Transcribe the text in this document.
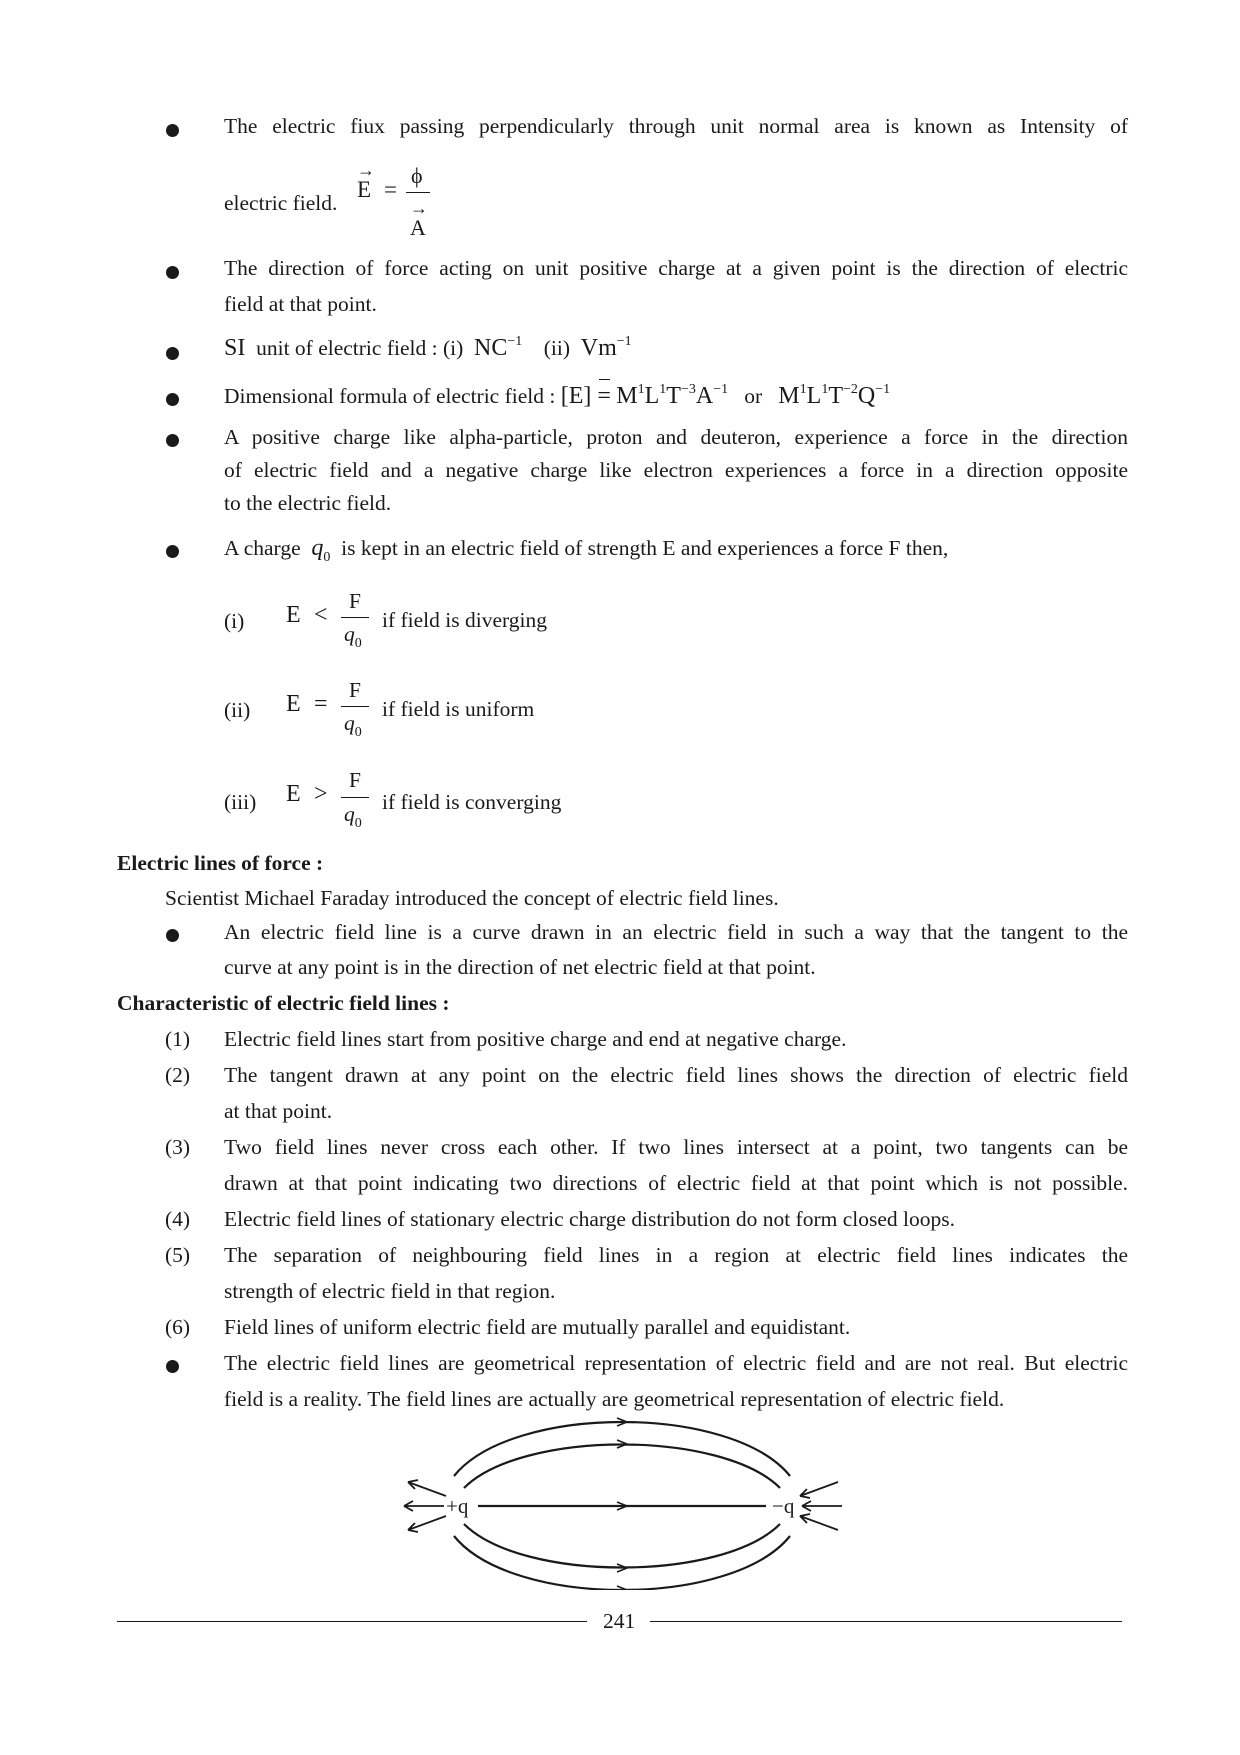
The electric fiux passing perpendicularly through unit normal area is known as Intensity of
electric field.
→
E =
ϕ
→
A
The direction of force acting on unit positive charge at a given point is the direction of electric
field at that point.
SI unit of electric field : (i) $NC^{-1}$ (ii) $Vm^{-1}$
Dimensional formula of electric field : $[E] = M^1L^1T^{-3}A^{-1}$ or $M^1L^1T^{-2}Q^{-1}$
A positive charge like alpha-particle, proton and deuteron, experience a force in the direction
of electric field and a negative charge like electron experiences a force in a direction opposite
to the electric field.
A charge $q_0$ is kept in an electric field of strength E and experiences a force F then,
(i) E <
F
$q_0$
if field is diverging
(ii) E =
F
$q_0$
if field is uniform
(iii) E >
F
$q_0$
if field is converging
Electric lines of force :
Scientist Michael Faraday introduced the concept of electric field lines.
An electric field line is a curve drawn in an electric field in such a way that the tangent to the
curve at any point is in the direction of net electric field at that point.
Characteristic of electric field lines :
(1) Electric field lines start from positive charge and end at negative charge.
(2) The tangent drawn at any point on the electric field lines shows the direction of electric field
at that point.
(3) Two field lines never cross each other. If two lines intersect at a point, two tangents can be
drawn at that point indicating two directions of electric field at that point which is not possible.
(4) Electric field lines of stationary electric charge distribution do not form closed loops.
(5) The separation of neighbouring field lines in a region at electric field lines indicates the
strength of electric field in that region.
(6) Field lines of uniform electric field are mutually parallel and equidistant.
The electric field lines are geometrical representation of electric field and are not real. But electric
field is a reality. The field lines are actually are geometrical representation of electric field.
+q	−q
241
